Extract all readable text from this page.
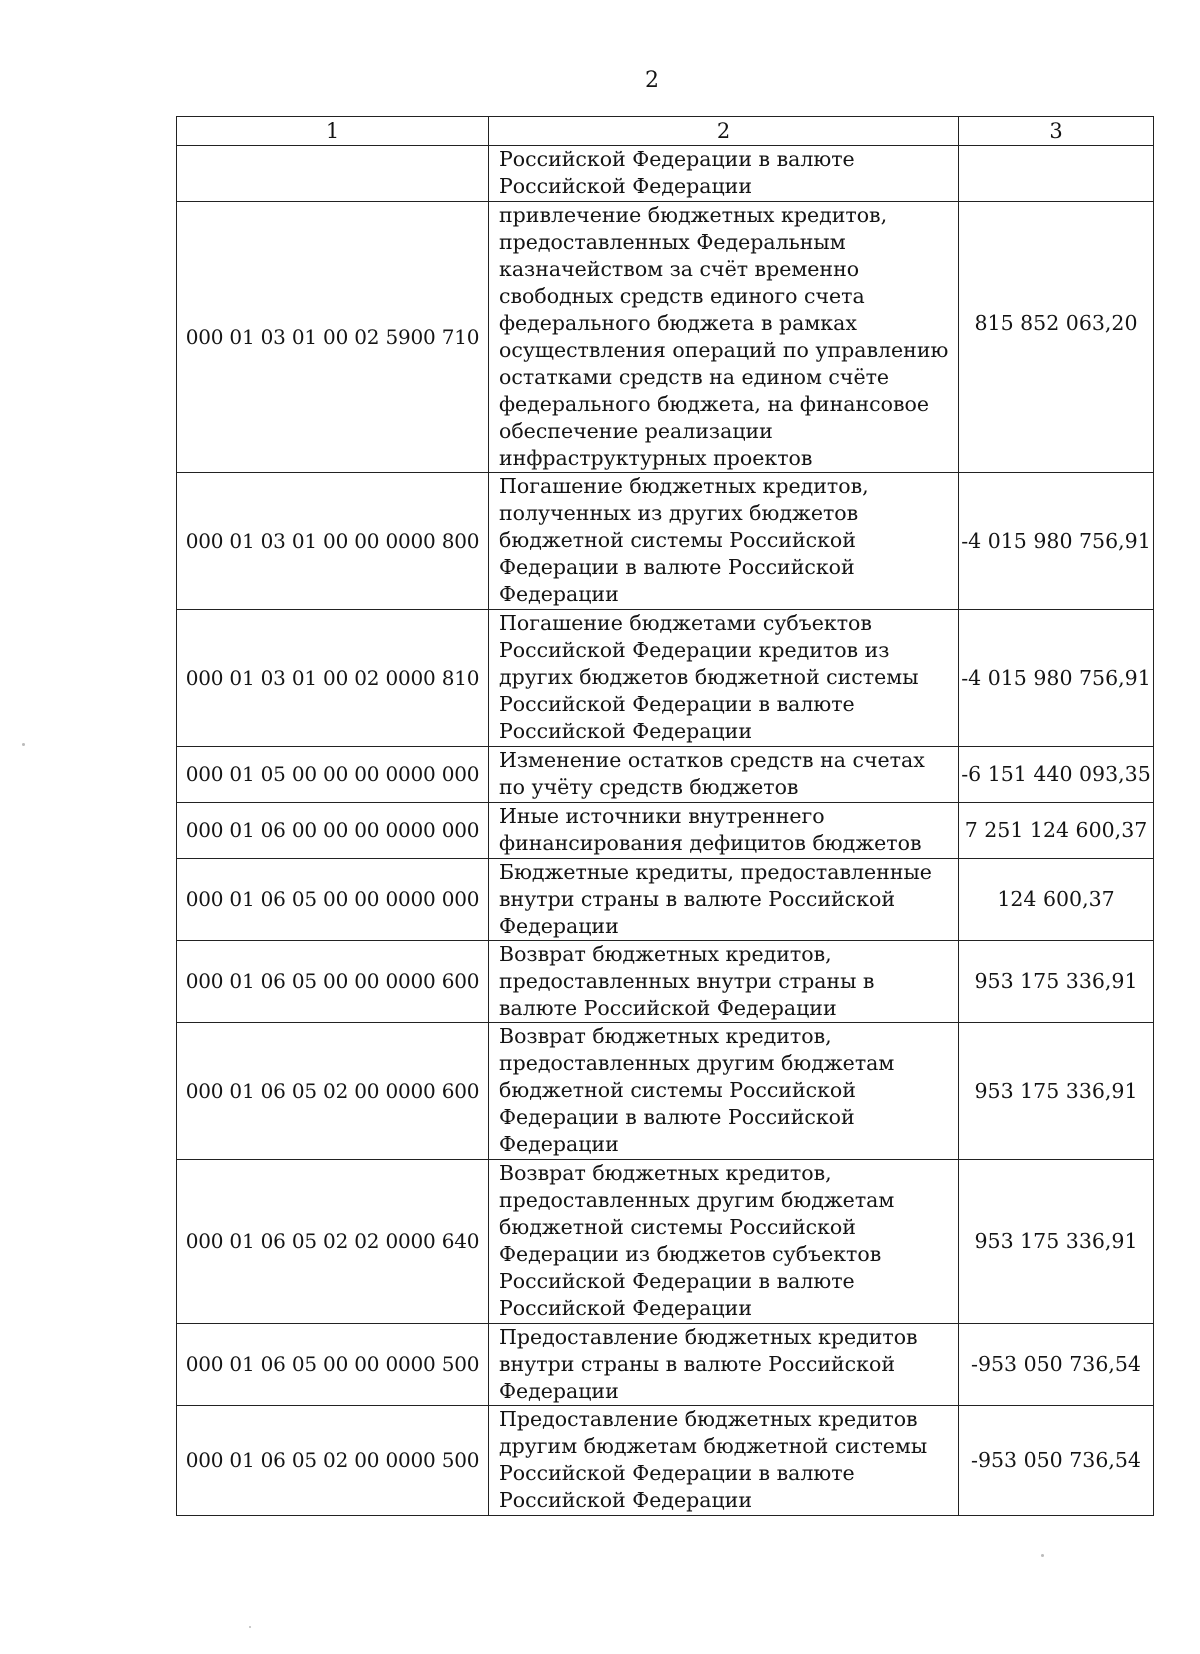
2
1	2	3
	Российской Федерации в валюте Российской Федерации	
000 01 03 01 00 02 5900 710	привлечение бюджетных кредитов, предоставленных Федеральным казначейством за счёт временно свободных средств единого счета федерального бюджета в рамках осуществления операций по управлению остатками средств на едином счёте федерального бюджета, на финансовое обеспечение реализации инфраструктурных проектов	815 852 063,20
000 01 03 01 00 00 0000 800	Погашение бюджетных кредитов, полученных из других бюджетов бюджетной системы Российской Федерации в валюте Российской Федерации	-4 015 980 756,91
000 01 03 01 00 02 0000 810	Погашение бюджетами субъектов Российской Федерации кредитов из других бюджетов бюджетной системы Российской Федерации в валюте Российской Федерации	-4 015 980 756,91
000 01 05 00 00 00 0000 000	Изменение остатков средств на счетах по учёту средств бюджетов	-6 151 440 093,35
000 01 06 00 00 00 0000 000	Иные источники внутреннего финансирования дефицитов бюджетов	7 251 124 600,37
000 01 06 05 00 00 0000 000	Бюджетные кредиты, предоставленные внутри страны в валюте Российской Федерации	124 600,37
000 01 06 05 00 00 0000 600	Возврат бюджетных кредитов, предоставленных внутри страны в валюте Российской Федерации	953 175 336,91
000 01 06 05 02 00 0000 600	Возврат бюджетных кредитов, предоставленных другим бюджетам бюджетной системы Российской Федерации в валюте Российской Федерации	953 175 336,91
000 01 06 05 02 02 0000 640	Возврат бюджетных кредитов, предоставленных другим бюджетам бюджетной системы Российской Федерации из бюджетов субъектов Российской Федерации в валюте Российской Федерации	953 175 336,91
000 01 06 05 00 00 0000 500	Предоставление бюджетных кредитов внутри страны в валюте Российской Федерации	-953 050 736,54
000 01 06 05 02 00 0000 500	Предоставление бюджетных кредитов другим бюджетам бюджетной системы Российской Федерации в валюте Российской Федерации	-953 050 736,54
